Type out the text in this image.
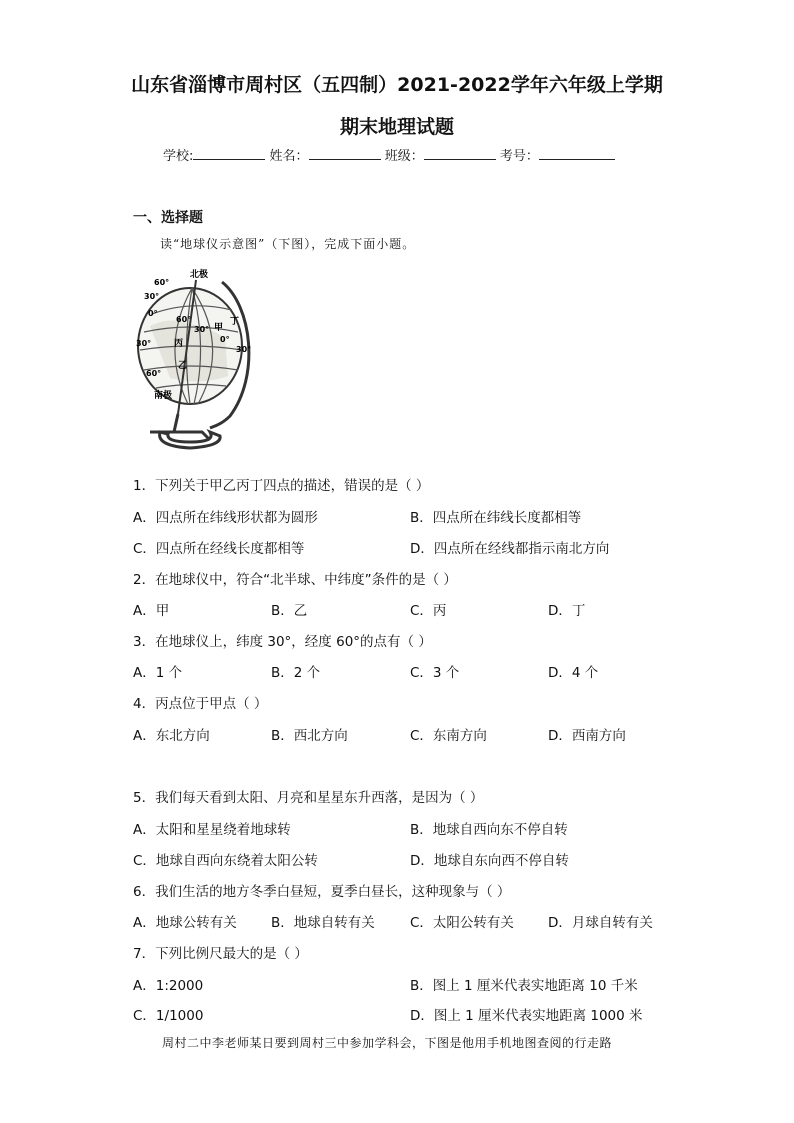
山东省淄博市周村区（五四制）2021-2022学年六年级上学期
期末地理试题
学校:	姓名：	班级：	考号：
一、选择题
读“地球仪示意图”（下图），完成下面小题。
北极
60°
30°
0°
30°
60°
南极
60°
30°
0°
30°
甲
丁
丙
乙
1．下列关于甲乙丙丁四点的描述，错误的是（ ）
A．四点所在纬线形状都为圆形	B．四点所在纬线长度都相等
C．四点所在经线长度都相等	D．四点所在经线都指示南北方向
2．在地球仪中，符合“北半球、中纬度”条件的是（ ）
A．甲	B．乙	C．丙	D．丁
3．在地球仪上，纬度 30°，经度 60°的点有（ ）
A．1 个	B．2 个	C．3 个	D．4 个
4．丙点位于甲点（ ）
A．东北方向	B．西北方向	C．东南方向	D．西南方向
5．我们每天看到太阳、月亮和星星东升西落，是因为（ ）
A．太阳和星星绕着地球转	B．地球自西向东不停自转
C．地球自西向东绕着太阳公转	D．地球自东向西不停自转
6．我们生活的地方冬季白昼短，夏季白昼长，这种现象与（ ）
A．地球公转有关	B．地球自转有关	C．太阳公转有关	D．月球自转有关
7．下列比例尺最大的是（ ）
A．1:2000	B．图上 1 厘米代表实地距离 10 千米
C．1/1000	D．图上 1 厘米代表实地距离 1000 米
周村二中李老师某日要到周村三中参加学科会，下图是他用手机地图查阅的行走路
